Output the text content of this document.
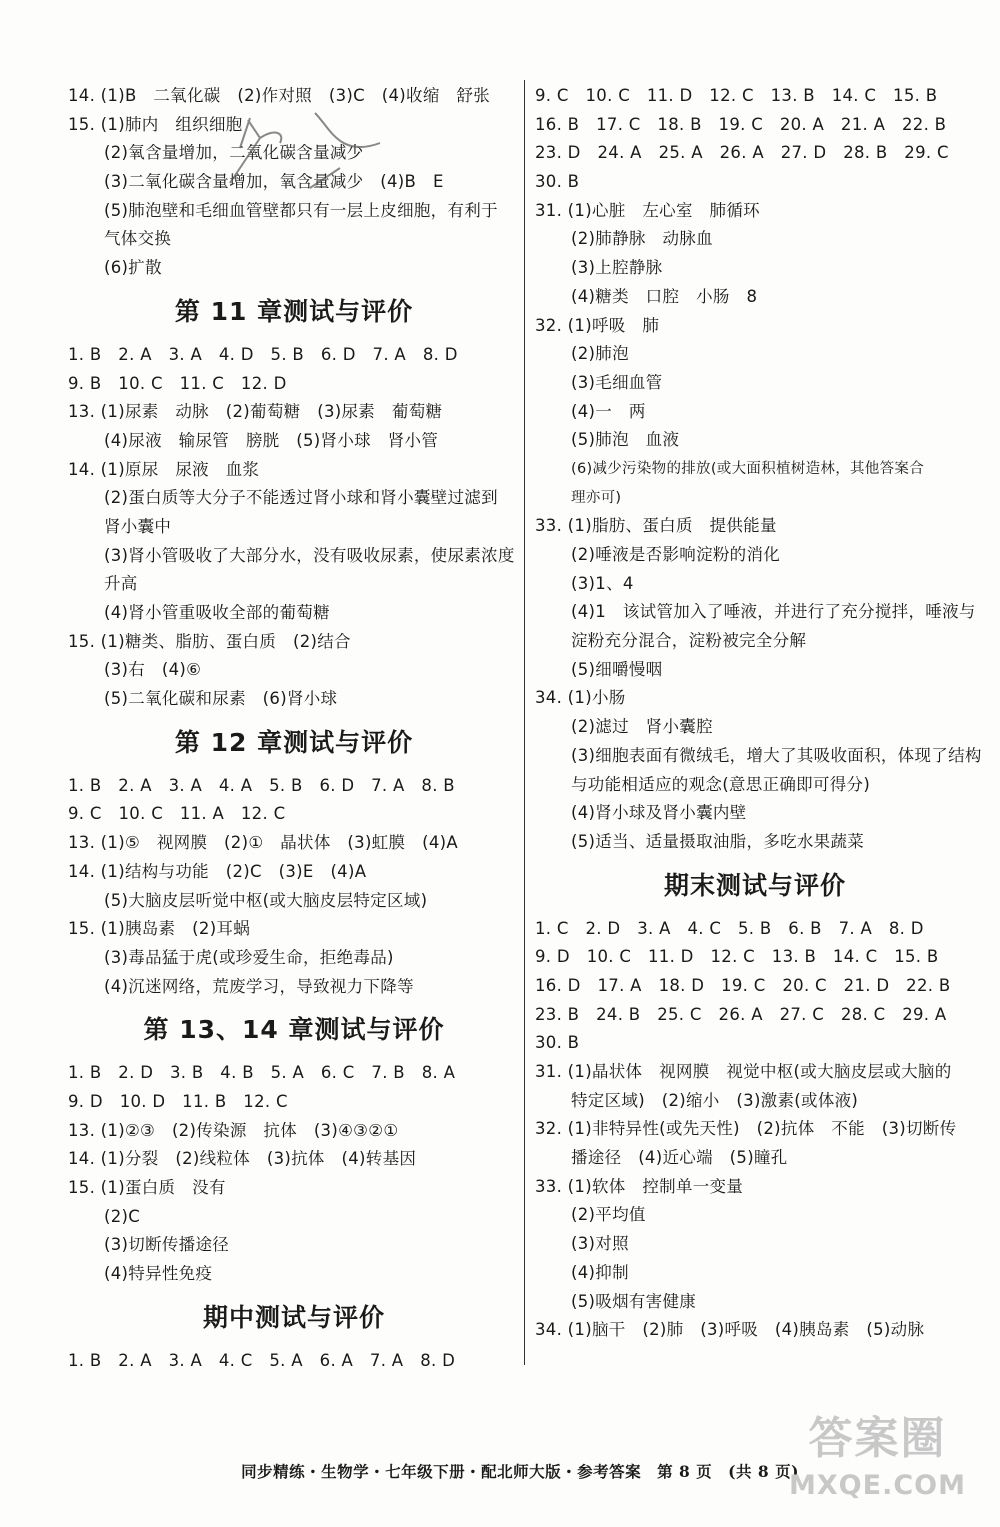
14. (1)B　二氧化碳　(2)作对照　(3)C　(4)收缩　舒张
15. (1)肺内　组织细胞
(2)氧含量增加，二氧化碳含量减少
(3)二氧化碳含量增加，氧含量减少　(4)B　E
(5)肺泡壁和毛细血管壁都只有一层上皮细胞，有利于
气体交换
(6)扩散
第 11 章测试与评价
1. B　2. A　3. A　4. D　5. B　6. D　7. A　8. D
9. B　10. C　11. C　12. D
13. (1)尿素　动脉　(2)葡萄糖　(3)尿素　葡萄糖
(4)尿液　输尿管　膀胱　(5)肾小球　肾小管
14. (1)原尿　尿液　血浆
(2)蛋白质等大分子不能透过肾小球和肾小囊壁过滤到
肾小囊中
(3)肾小管吸收了大部分水，没有吸收尿素，使尿素浓度
升高
(4)肾小管重吸收全部的葡萄糖
15. (1)糖类、脂肪、蛋白质　(2)结合
(3)右　(4)⑥
(5)二氧化碳和尿素　(6)肾小球
第 12 章测试与评价
1. B　2. A　3. A　4. A　5. B　6. D　7. A　8. B
9. C　10. C　11. A　12. C
13. (1)⑤　视网膜　(2)①　晶状体　(3)虹膜　(4)A
14. (1)结构与功能　(2)C　(3)E　(4)A
(5)大脑皮层听觉中枢(或大脑皮层特定区域)
15. (1)胰岛素　(2)耳蜗
(3)毒品猛于虎(或珍爱生命，拒绝毒品)
(4)沉迷网络，荒废学习，导致视力下降等
第 13、14 章测试与评价
1. B　2. D　3. B　4. B　5. A　6. C　7. B　8. A
9. D　10. D　11. B　12. C
13. (1)②③　(2)传染源　抗体　(3)④③②①
14. (1)分裂　(2)线粒体　(3)抗体　(4)转基因
15. (1)蛋白质　没有
(2)C
(3)切断传播途径
(4)特异性免疫
期中测试与评价
1. B　2. A　3. A　4. C　5. A　6. A　7. A　8. D
9. C　10. C　11. D　12. C　13. B　14. C　15. B
16. B　17. C　18. B　19. C　20. A　21. A　22. B
23. D　24. A　25. A　26. A　27. D　28. B　29. C
30. B
31. (1)心脏　左心室　肺循环
(2)肺静脉　动脉血
(3)上腔静脉
(4)糖类　口腔　小肠　8
32. (1)呼吸　肺
(2)肺泡
(3)毛细血管
(4)一　两
(5)肺泡　血液
(6)减少污染物的排放(或大面积植树造林，其他答案合
理亦可)
33. (1)脂肪、蛋白质　提供能量
(2)唾液是否影响淀粉的消化
(3)1、4
(4)1　该试管加入了唾液，并进行了充分搅拌，唾液与
淀粉充分混合，淀粉被完全分解
(5)细嚼慢咽
34. (1)小肠
(2)滤过　肾小囊腔
(3)细胞表面有微绒毛，增大了其吸收面积，体现了结构
与功能相适应的观念(意思正确即可得分)
(4)肾小球及肾小囊内壁
(5)适当、适量摄取油脂，多吃水果蔬菜
期末测试与评价
1. C　2. D　3. A　4. C　5. B　6. B　7. A　8. D
9. D　10. C　11. D　12. C　13. B　14. C　15. B
16. D　17. A　18. D　19. C　20. C　21. D　22. B
23. B　24. B　25. C　26. A　27. C　28. C　29. A
30. B
31. (1)晶状体　视网膜　视觉中枢(或大脑皮层或大脑的
特定区域)　(2)缩小　(3)激素(或体液)
32. (1)非特异性(或先天性)　(2)抗体　不能　(3)切断传
播途径　(4)近心端　(5)瞳孔
33. (1)软体　控制单一变量
(2)平均值
(3)对照
(4)抑制
(5)吸烟有害健康
34. (1)脑干　(2)肺　(3)呼吸　(4)胰岛素　(5)动脉
同步精练・生物学・七年级下册・配北师大版・参考答案　第 8 页　(共 8 页)
答案圈
MXQE.COM
